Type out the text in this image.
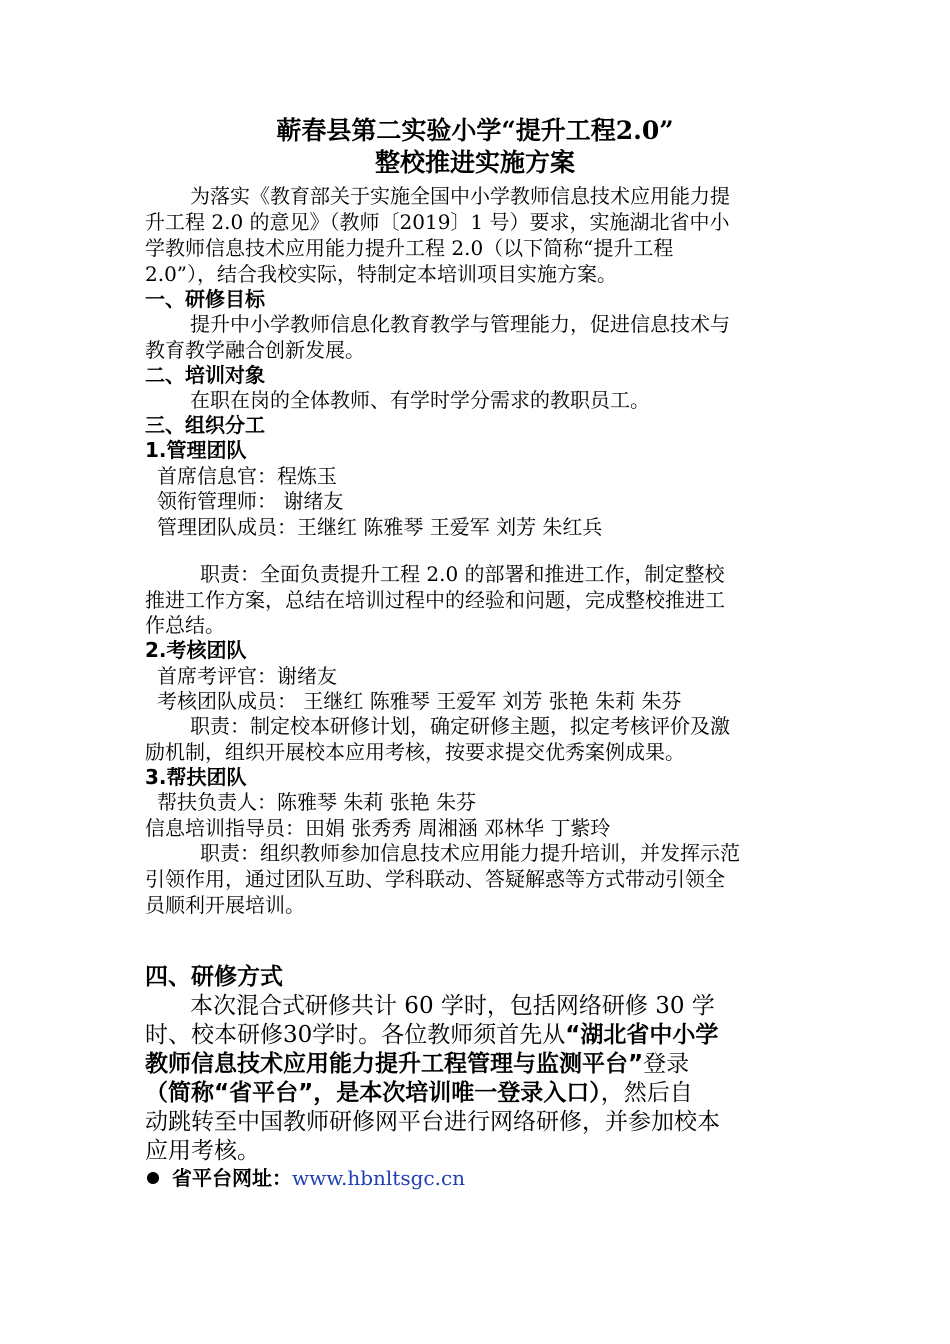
蕲春县第二实验小学“提升工程2.0”
整校推进实施方案
为落实《教育部关于实施全国中小学教师信息技术应用能力提
升工程 2.0 的意见》（教师〔2019〕1 号）要求，实施湖北省中小
学教师信息技术应用能力提升工程 2.0（以下简称“提升工程
2.0”），结合我校实际，特制定本培训项目实施方案。
一、研修目标
提升中小学教师信息化教育教学与管理能力，促进信息技术与
教育教学融合创新发展。
二、培训对象
在职在岗的全体教师、有学时学分需求的教职员工。
三、组织分工
1.管理团队
首席信息官：程炼玉
领衔管理师： 谢绪友
管理团队成员：王继红 陈雅琴 王爱军 刘芳 朱红兵
职责：全面负责提升工程 2.0 的部署和推进工作，制定整校
推进工作方案，总结在培训过程中的经验和问题，完成整校推进工
作总结。
2.考核团队
首席考评官：谢绪友
考核团队成员： 王继红 陈雅琴 王爱军 刘芳 张艳 朱莉 朱芬
职责：制定校本研修计划，确定研修主题，拟定考核评价及激
励机制，组织开展校本应用考核，按要求提交优秀案例成果。
3.帮扶团队
帮扶负责人：陈雅琴 朱莉 张艳 朱芬
信息培训指导员：田娟 张秀秀 周湘涵 邓林华 丁紫玲
职责：组织教师参加信息技术应用能力提升培训，并发挥示范
引领作用，通过团队互助、学科联动、答疑解惑等方式带动引领全
员顺利开展培训。
四、研修方式
本次混合式研修共计 60 学时，包括网络研修 30 学
时、校本研修30学时。各位教师须首先从“湖北省中小学
教师信息技术应用能力提升工程管理与监测平台”登录
（简称“省平台”，是本次培训唯一登录入口），然后自
动跳转至中国教师研修网平台进行网络研修，并参加校本
应用考核。
省平台网址：www.hbnltsgc.cn
